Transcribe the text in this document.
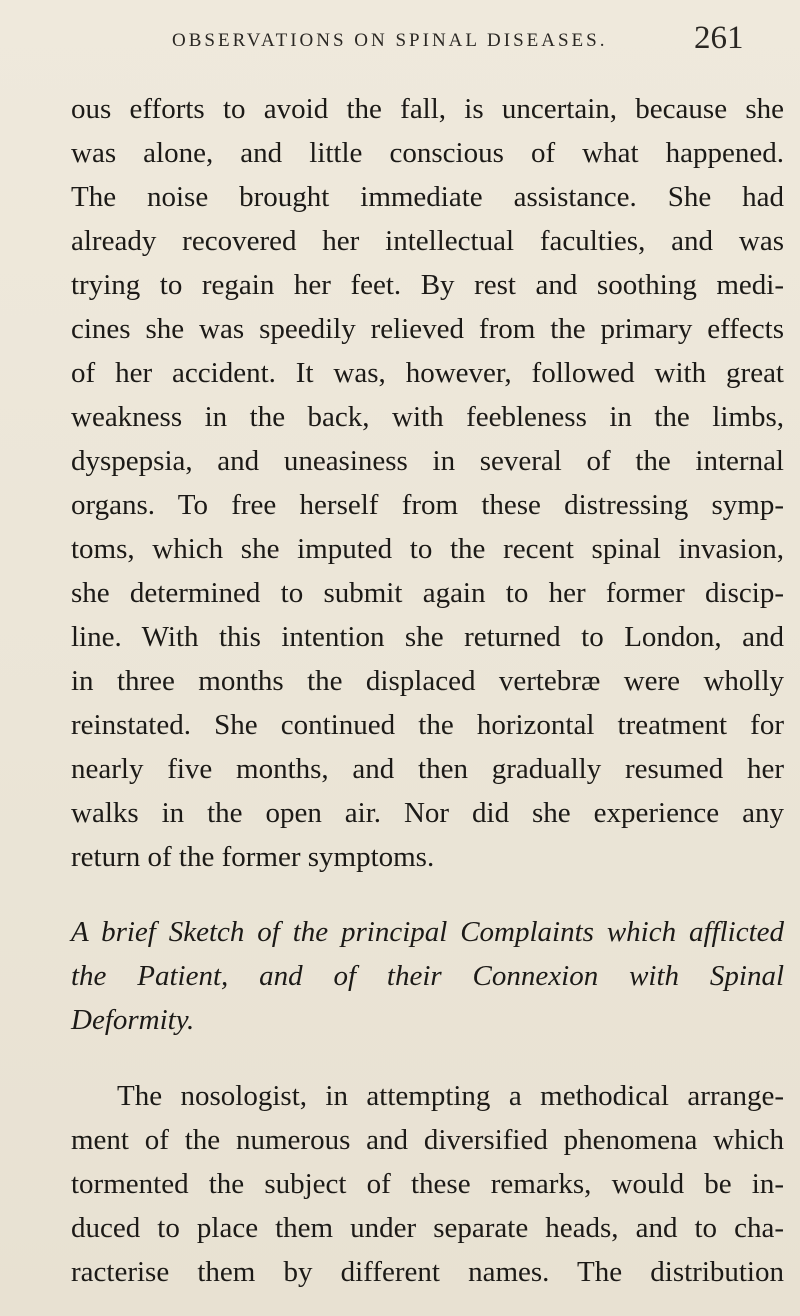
OBSERVATIONS ON SPINAL DISEASES.	261

ous efforts to avoid the fall, is uncertain, because she

was alone, and little conscious of what happened.

The noise brought immediate assistance. She had

already recovered her intellectual faculties, and was

trying to regain her feet. By rest and soothing medi-

cines she was speedily relieved from the primary effects

of her accident. It was, however, followed with great

weakness in the back, with feebleness in the limbs,

dyspepsia, and uneasiness in several of the internal

organs. To free herself from these distressing symp-

toms, which she imputed to the recent spinal invasion,

she determined to submit again to her former discip-

line. With this intention she returned to London, and

in three months the displaced vertebræ were wholly

reinstated. She continued the horizontal treatment for

nearly five months, and then gradually resumed her

walks in the open air. Nor did she experience any

return of the former symptoms.

A brief Sketch of the principal Complaints which afflicted

the Patient, and of their Connexion with Spinal

Deformity.

The nosologist, in attempting a methodical arrange-

ment of the numerous and diversified phenomena which

tormented the subject of these remarks, would be in-

duced to place them under separate heads, and to cha-

racterise them by different names. The distribution
